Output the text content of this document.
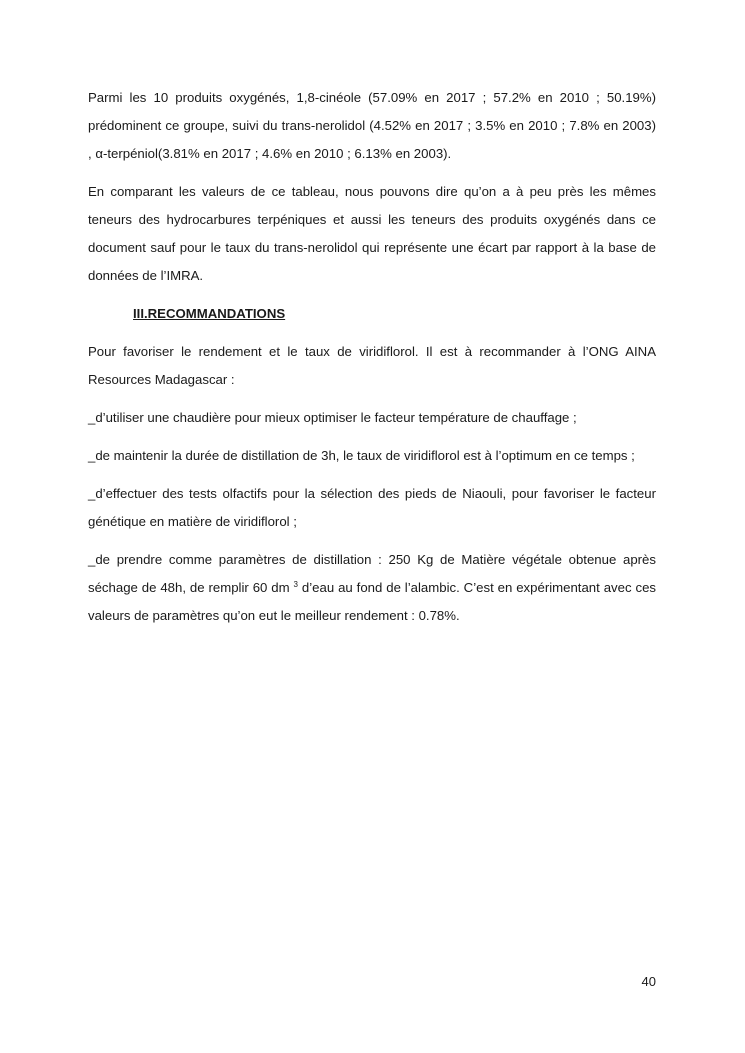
Parmi les 10 produits oxygénés, 1,8-cinéole (57.09% en 2017 ; 57.2% en 2010 ; 50.19%) prédominent ce groupe, suivi du trans-nerolidol (4.52% en 2017 ; 3.5% en 2010 ; 7.8% en 2003) , α-terpéniol(3.81% en 2017 ; 4.6% en 2010 ; 6.13% en 2003).

En comparant les valeurs de ce tableau, nous pouvons dire qu’on a à peu près les mêmes teneurs des hydrocarbures terpéniques et aussi les teneurs des produits oxygénés dans ce document sauf pour le taux du trans-nerolidol qui représente une écart par rapport à la base de données de l’IMRA.

III.RECOMMANDATIONS

Pour favoriser le rendement et le taux de viridiflorol. Il est à recommander à l’ONG AINA Resources Madagascar :

_d’utiliser une chaudière pour mieux optimiser le facteur température de chauffage ;

_de maintenir la durée de distillation de 3h, le taux de viridiflorol est à l’optimum en ce temps ;

_d’effectuer des tests olfactifs pour la sélection des pieds de Niaouli, pour favoriser le facteur génétique en matière de viridiflorol ;

_de prendre comme paramètres de distillation : 250 Kg de Matière végétale obtenue après séchage de 48h, de remplir 60 dm $^3$ d’eau au fond de l’alambic. C’est en expérimentant avec ces valeurs de paramètres qu’on eut le meilleur rendement : 0.78%.

40
